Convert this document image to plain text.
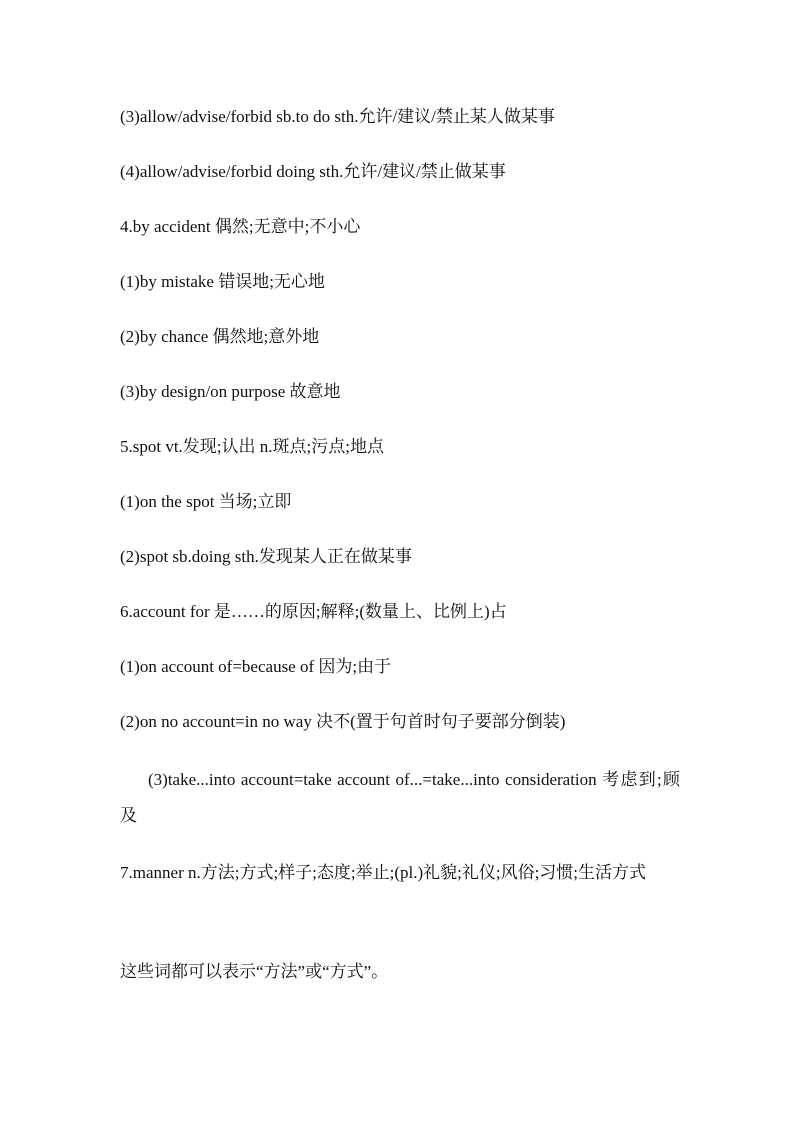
(3)allow/advise/forbid sb.to do sth.允许/建议/禁止某人做某事
(4)allow/advise/forbid doing sth.允许/建议/禁止做某事
4.by accident 偶然;无意中;不小心
(1)by mistake 错误地;无心地
(2)by chance 偶然地;意外地
(3)by design/on purpose 故意地
5.spot vt.发现;认出 n.斑点;污点;地点
(1)on the spot 当场;立即
(2)spot sb.doing sth.发现某人正在做某事
6.account for 是……的原因;解释;(数量上、比例上)占
(1)on account of=because of 因为;由于
(2)on no account=in no way 决不(置于句首时句子要部分倒装)
(3)take...into account=take account of...=take...into consideration 考虑到;顾及
7.manner n.方法;方式;样子;态度;举止;(pl.)礼貌;礼仪;风俗;习惯;生活方式
这些词都可以表示“方法”或“方式”。
